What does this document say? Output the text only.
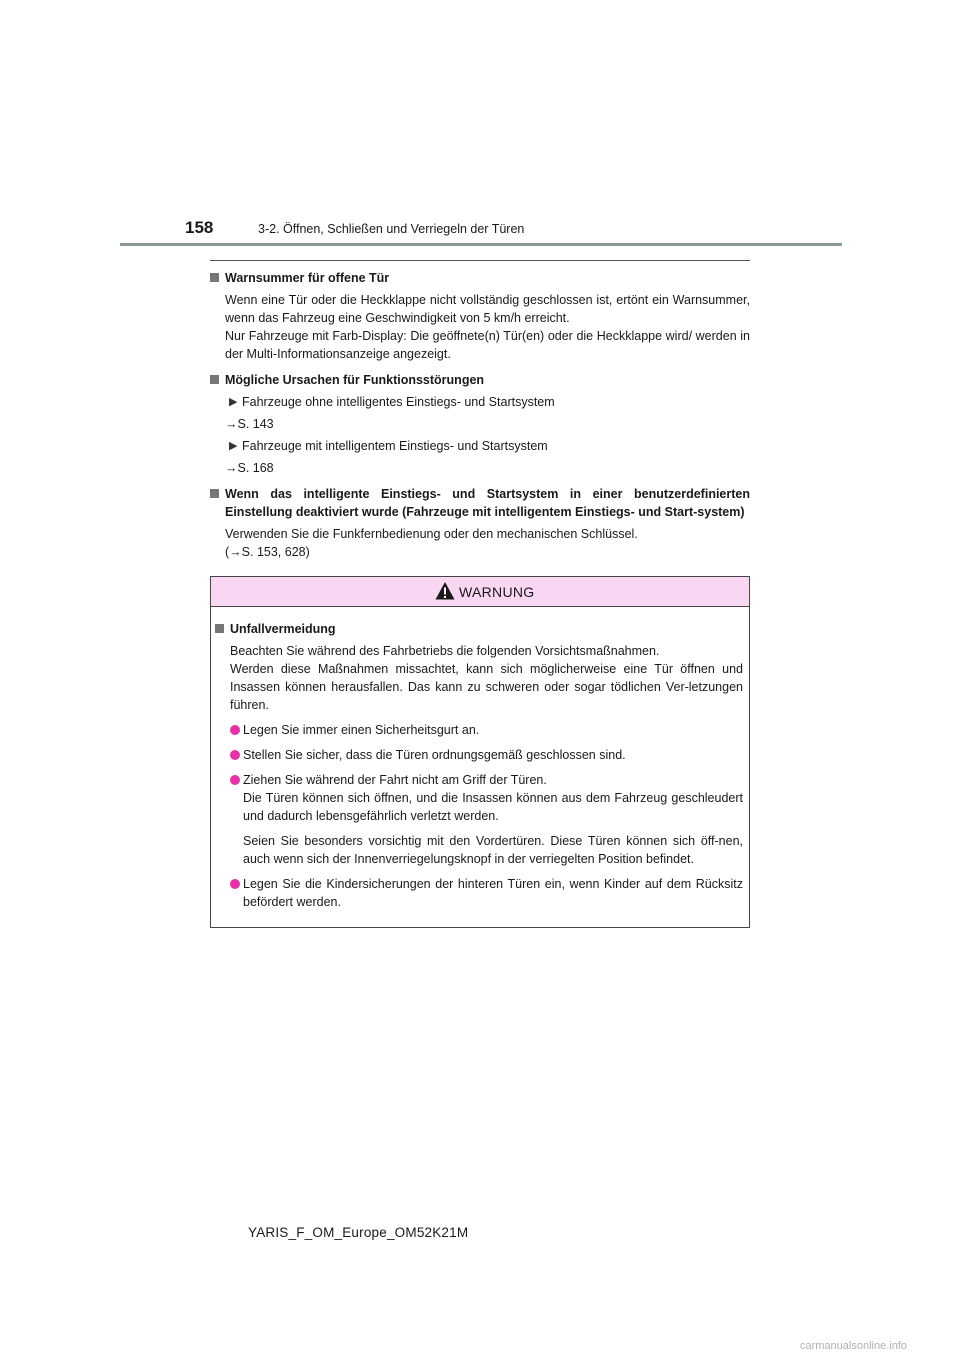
158	3-2. Öffnen, Schließen und Verriegeln der Türen
Warnsummer für offene Tür
Wenn eine Tür oder die Heckklappe nicht vollständig geschlossen ist, ertönt ein Warnsummer, wenn das Fahrzeug eine Geschwindigkeit von 5 km/h erreicht.
Nur Fahrzeuge mit Farb-Display: Die geöffnete(n) Tür(en) oder die Heckklappe wird/ werden in der Multi-Informationsanzeige angezeigt.
Mögliche Ursachen für Funktionsstörungen
▶ Fahrzeuge ohne intelligentes Einstiegs- und Startsystem
→S. 143
▶ Fahrzeuge mit intelligentem Einstiegs- und Startsystem
→S. 168
Wenn das intelligente Einstiegs- und Startsystem in einer benutzerdefinierten Einstellung deaktiviert wurde (Fahrzeuge mit intelligentem Einstiegs- und Start-system)
Verwenden Sie die Funkfernbedienung oder den mechanischen Schlüssel.
(→S. 153, 628)
WARNUNG
Unfallvermeidung
Beachten Sie während des Fahrbetriebs die folgenden Vorsichtsmaßnahmen.
Werden diese Maßnahmen missachtet, kann sich möglicherweise eine Tür öffnen und Insassen können herausfallen. Das kann zu schweren oder sogar tödlichen Ver-letzungen führen.
Legen Sie immer einen Sicherheitsgurt an.
Stellen Sie sicher, dass die Türen ordnungsgemäß geschlossen sind.
Ziehen Sie während der Fahrt nicht am Griff der Türen.
Die Türen können sich öffnen, und die Insassen können aus dem Fahrzeug geschleudert und dadurch lebensgefährlich verletzt werden.
Seien Sie besonders vorsichtig mit den Vordertüren. Diese Türen können sich öff-nen, auch wenn sich der Innenverriegelungsknopf in der verriegelten Position befindet.
Legen Sie die Kindersicherungen der hinteren Türen ein, wenn Kinder auf dem Rücksitz befördert werden.
YARIS_F_OM_Europe_OM52K21M
carmanualsonline.info
